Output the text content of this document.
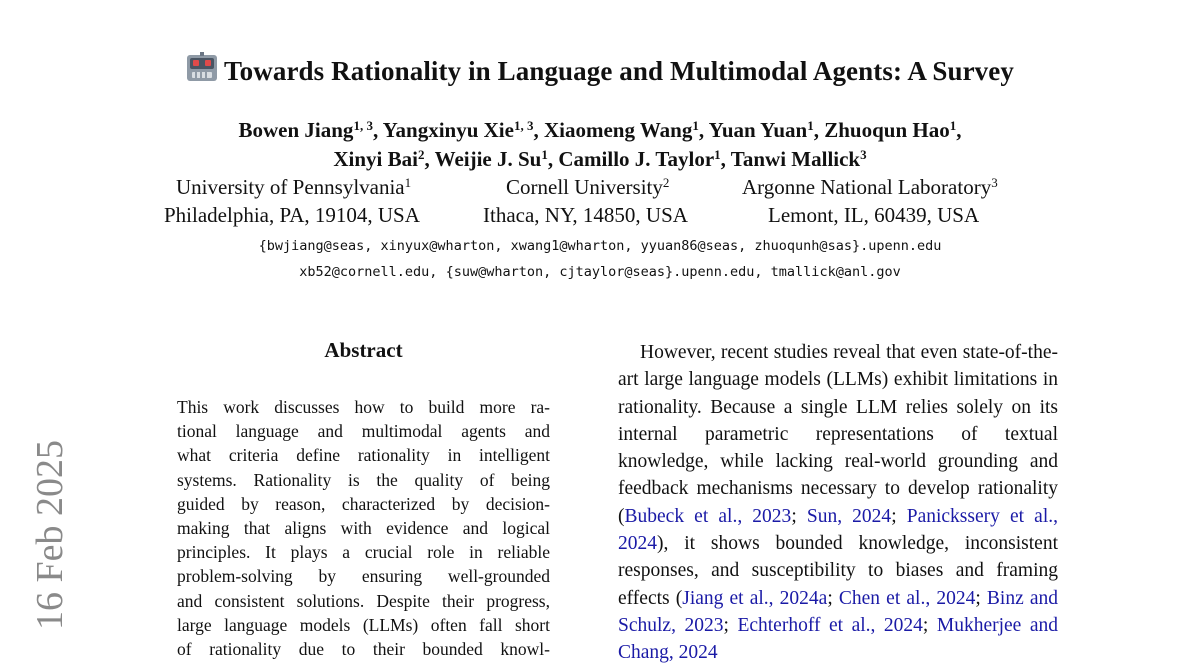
16 Feb 2025
Towards Rationality in Language and Multimodal Agents: A Survey
Bowen Jiang$^{1, 3}$, Yangxinyu Xie$^{1, 3}$, Xiaomeng Wang$^1$, Yuan Yuan$^1$, Zhuoqun Hao$^1$,
Xinyi Bai$^2$, Weijie J. Su$^1$, Camillo J. Taylor$^1$, Tanwi Mallick$^3$
University of Pennsylvania$^1$	Cornell University$^2$	Argonne National Laboratory$^3$
Philadelphia, PA, 19104, USA	Ithaca, NY, 14850, USA	Lemont, IL, 60439, USA
{bwjiang@seas, xinyux@wharton, xwang1@wharton, yyuan86@seas, zhuoqunh@sas}.upenn.edu
xb52@cornell.edu, {suw@wharton, cjtaylor@seas}.upenn.edu, tmallick@anl.gov
Abstract
This work discusses how to build more ra-
tional language and multimodal agents and
what criteria define rationality in intelligent
systems. Rationality is the quality of being
guided by reason, characterized by decision-
making that aligns with evidence and logical
principles. It plays a crucial role in reliable
problem-solving by ensuring well-grounded
and consistent solutions. Despite their progress,
large language models (LLMs) often fall short
of rationality due to their bounded knowl-

However, recent studies reveal that even state-of-the-art large language models (LLMs) exhibit limitations in rationality. Because a single LLM relies solely on its internal parametric representations of textual knowledge, while lacking real-world grounding and feedback mechanisms necessary to develop rationality (Bubeck et al., 2023; Sun, 2024; Panickssery et al., 2024), it shows bounded knowledge, inconsistent responses, and susceptibility to biases and framing effects (Jiang et al., 2024a; Chen et al., 2024; Binz and Schulz, 2023; Echterhoff et al., 2024; Mukherjee and Chang, 2024
